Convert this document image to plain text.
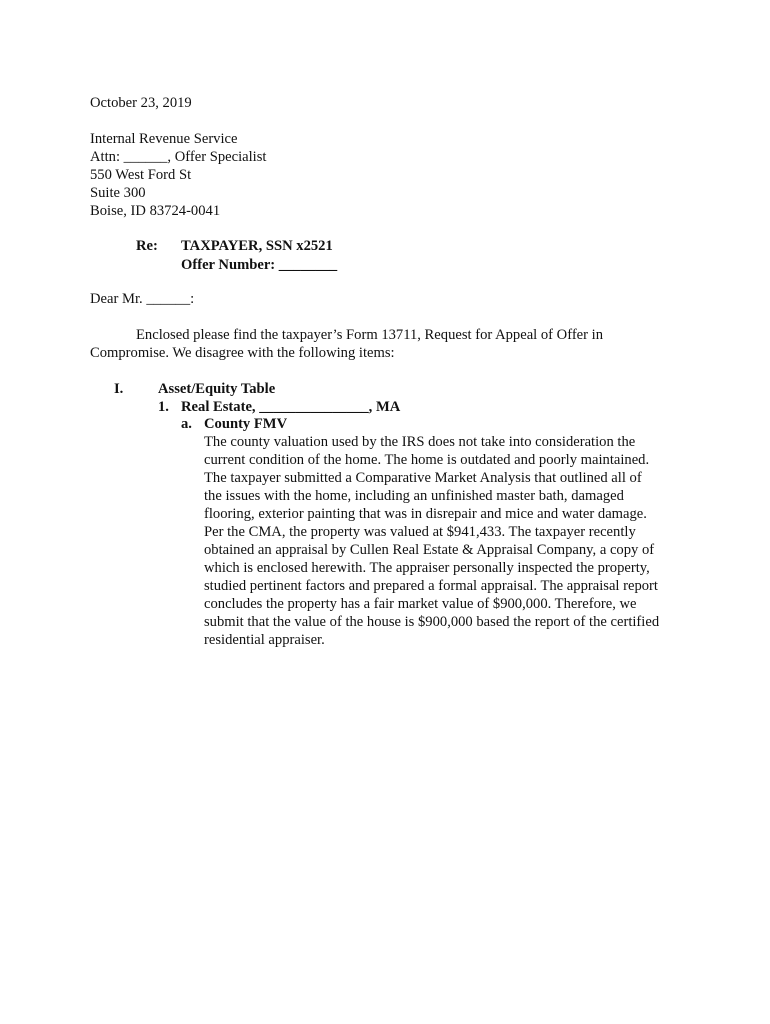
October 23, 2019
Internal Revenue Service
Attn: ______, Offer Specialist
550 West Ford St
Suite 300
Boise, ID 83724-0041
Re: TAXPAYER, SSN x2521
Offer Number: ________
Dear Mr. ______:
Enclosed please find the taxpayer’s Form 13711, Request for Appeal of Offer in
Compromise. We disagree with the following items:
I. Asset/Equity Table
1. Real Estate, _______________, MA
a. County FMV
The county valuation used by the IRS does not take into consideration the
current condition of the home. The home is outdated and poorly maintained.
The taxpayer submitted a Comparative Market Analysis that outlined all of
the issues with the home, including an unfinished master bath, damaged
flooring, exterior painting that was in disrepair and mice and water damage.
Per the CMA, the property was valued at $941,433. The taxpayer recently
obtained an appraisal by Cullen Real Estate & Appraisal Company, a copy of
which is enclosed herewith. The appraiser personally inspected the property,
studied pertinent factors and prepared a formal appraisal. The appraisal report
concludes the property has a fair market value of $900,000. Therefore, we
submit that the value of the house is $900,000 based the report of the certified
residential appraiser.
